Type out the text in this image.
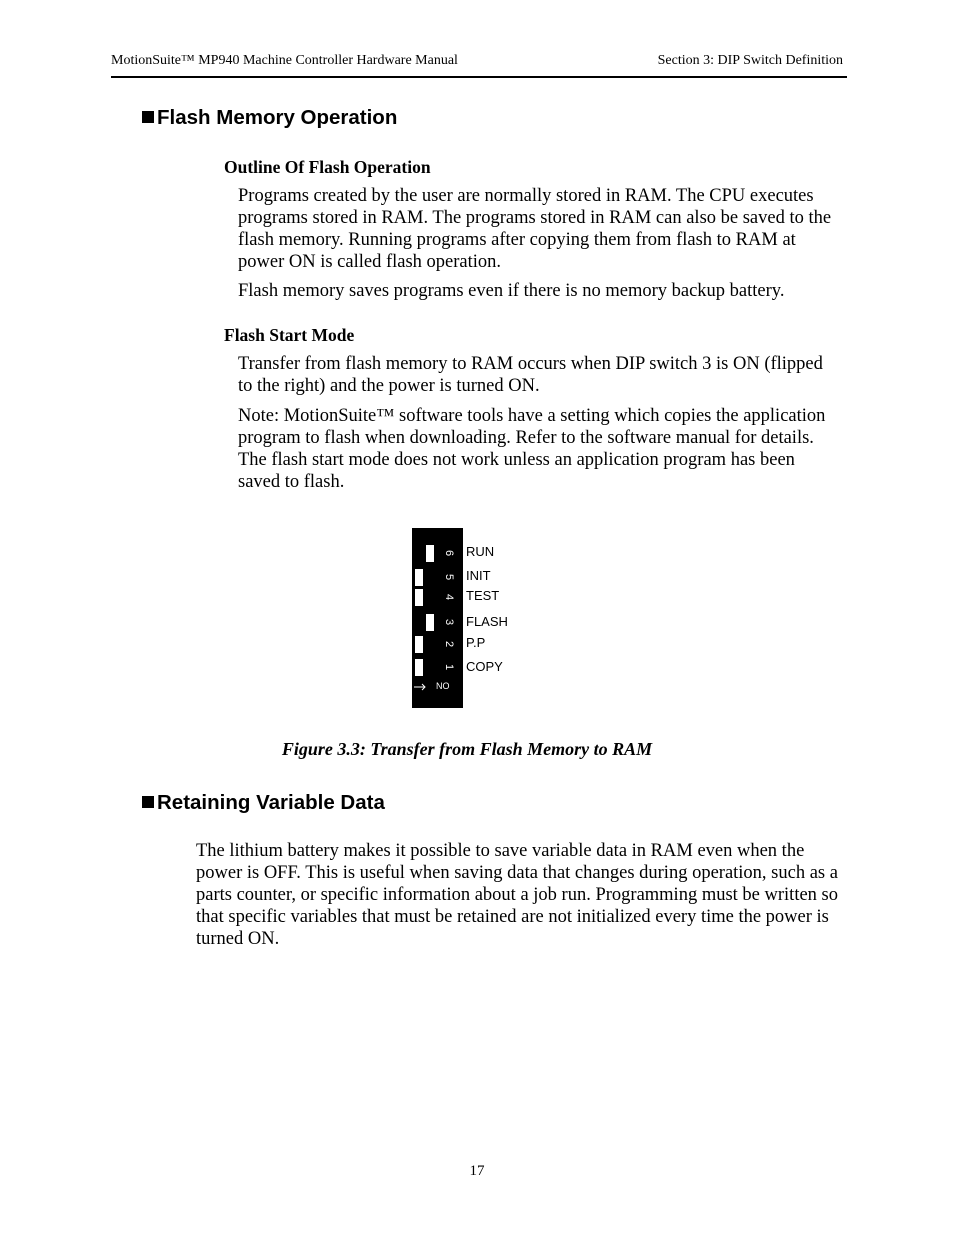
MotionSuite™ MP940 Machine Controller Hardware Manual	Section 3: DIP Switch Definition
Flash Memory Operation
Outline Of Flash Operation

Programs created by the user are normally stored in RAM. The CPU executes programs stored in RAM. The programs stored in RAM can also be saved to the flash memory. Running programs after copying them from flash to RAM at power ON is called flash operation.

Flash memory saves programs even if there is no memory backup battery.

Flash Start Mode

Transfer from flash memory to RAM occurs when DIP switch 3 is ON (flipped to the right) and the power is turned ON.

Note: MotionSuite™ software tools have a setting which copies the application program to flash when downloading. Refer to the software manual for details. The flash start mode does not work unless an application program has been saved to flash.

6
5
4
3
2
1
NO
RUN
INIT
TEST
FLASH
P.P
COPY
Figure 3.3: Transfer from Flash Memory to RAM
Retaining Variable Data

The lithium battery makes it possible to save variable data in RAM even when the power is OFF. This is useful when saving data that changes during operation, such as a parts counter, or specific information about a job run. Programming must be written so that specific variables that must be retained are not initialized every time the power is turned ON.

17
